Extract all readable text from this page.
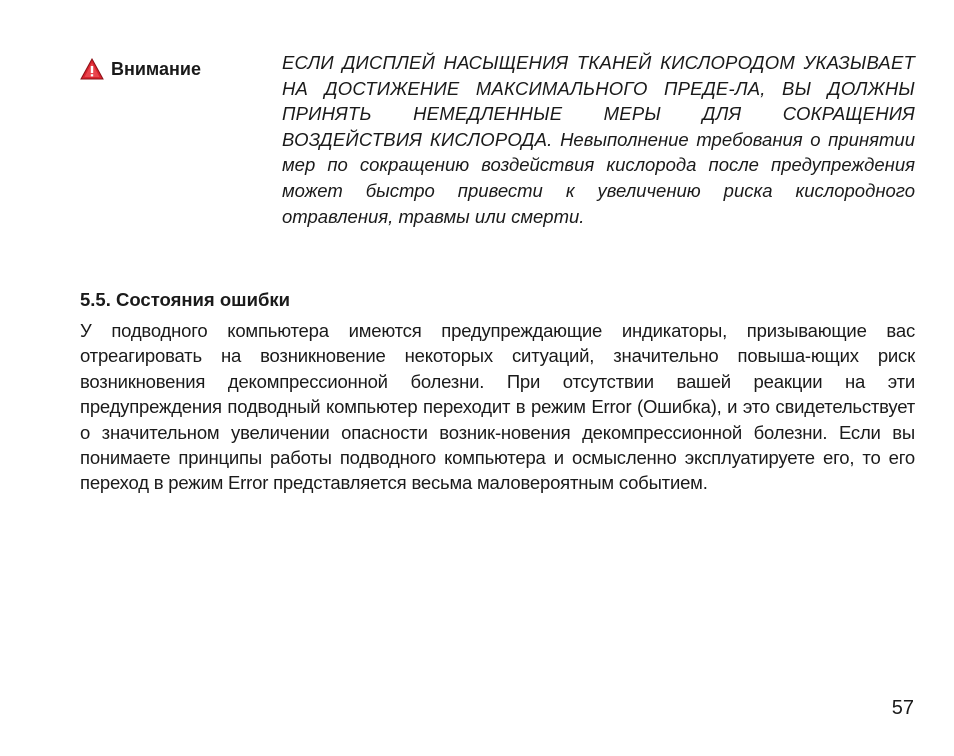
Внимание	ЕСЛИ ДИСПЛЕЙ НАСЫЩЕНИЯ ТКАНЕЙ КИСЛОРОДОМ УКАЗЫВАЕТ НА ДОСТИЖЕНИЕ МАКСИМАЛЬНОГО ПРЕДЕ-ЛА, ВЫ ДОЛЖНЫ ПРИНЯТЬ НЕМЕДЛЕННЫЕ МЕРЫ ДЛЯ СОКРАЩЕНИЯ ВОЗДЕЙСТВИЯ КИСЛОРОДА. Невыполнение требования о принятии мер по сокращению воздействия кислорода после предупреждения может быстро привести к увеличению риска кислородного отравления, травмы или смерти.
5.5. Состояния ошибки
У подводного компьютера имеются предупреждающие индикаторы, призывающие вас отреагировать на возникновение некоторых ситуаций, значительно повыша-ющих риск возникновения декомпрессионной болезни. При отсутствии вашей реакции на эти предупреждения подводный компьютер переходит в режим Error (Ошибка), и это свидетельствует о значительном увеличении опасности возник-новения декомпрессионной болезни. Если вы понимаете принципы работы подводного компьютера и осмысленно эксплуатируете его, то его переход в режим Error представляется весьма маловероятным событием.
57
